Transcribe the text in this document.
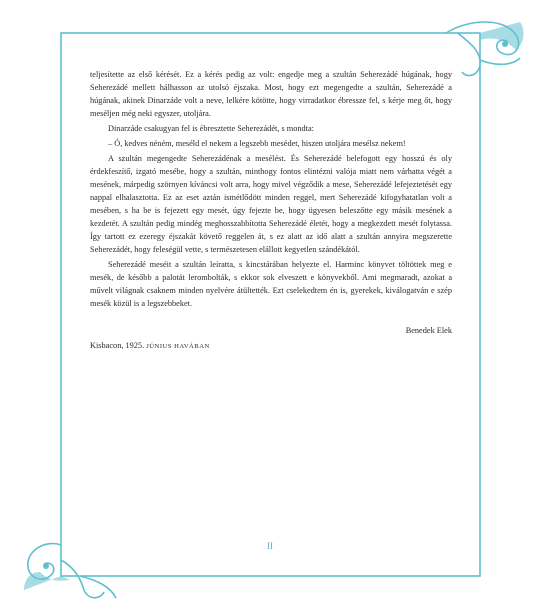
teljesítette az első kérését. Ez a kérés pedig az volt: engedje meg a szultán Seherezádé húgának, hogy Seherezádé mellett hálhasson az utolsó éjszaka. Most, hogy ezt megengedte a szultán, Seherezádé a húgának, akinek Dinarzáde volt a neve, lelkére kötötte, hogy virradatkor ébressze fel, s kérje meg őt, hogy meséljen még neki egyszer, utoljára.

Dinarzáde csakugyan fel is ébresztette Seherezádét, s mondta:

– Ó, kedves néném, meséld el nekem a legszebb mesédet, hiszen utoljára mesélsz nekem!

A szultán megengedte Seherezádénak a mesélést. És Seherezádé belefogott egy hosszú és oly érdekfeszítő, izgató mesébe, hogy a szultán, minthogy fontos elintézni valója miatt nem várhatta végét a mesének, márpedig szörnyen kíváncsi volt arra, hogy mivel végződik a mese, Seherezádé lefejeztetését egy nappal elhalasztotta. Ez az eset aztán ismétlődött minden reggel, mert Seherezádé kifogyhatatlan volt a mesében, s ha be is fejezett egy mesét, úgy fejezte be, hogy ügyesen beleszőtte egy másik mesének a kezdetét. A szultán pedig mindég meghosszabbította Seherezádé életét, hogy a megkezdett mesét folytassa. Így tartott ez ezeregy éjszakát követő reggelen át, s ez alatt az idő alatt a szultán annyira megszerette Seherezádét, hogy feleségül vette, s természetesen elállott kegyetlen szándékától.

Seherezádé meséit a szultán leíratta, s kincstárában helyezte el. Harminc könyvet töltöttek meg e mesék, de később a palotát lerombolták, s ekkor sok elveszett e könyvekből. Ami megmaradt, azokat a művelt világnak csaknem minden nyelvére átültették. Ezt cselekedtem én is, gyerekek, kiválogatván e szép mesék közül is a legszebbeket.

Benedek Elek

Kisbacon, 1925. JÚNIUS HAVÁBAN

II
